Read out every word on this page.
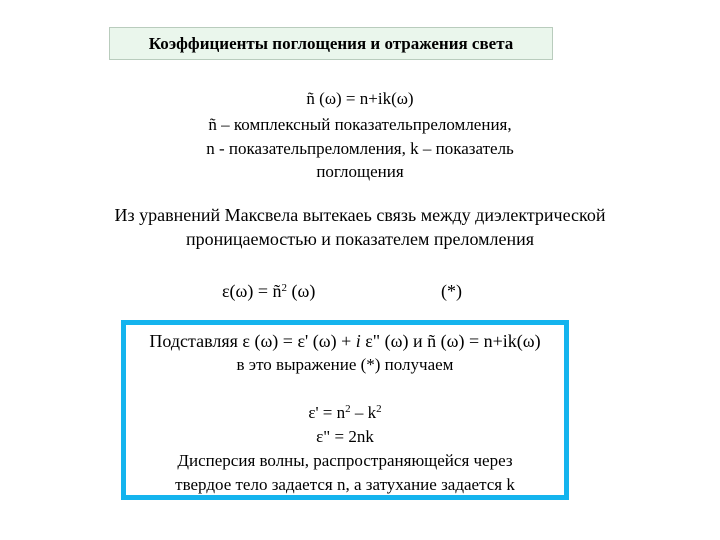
Коэффициенты поглощения и отражения света
ñ (ω) = n+ik(ω)
ñ – комплексный показательпреломления,
n - показательпреломления, k – показатель
поглощения
Из уравнений Максвела вытекаеь связь между диэлектрической
проницаемостью и показателем преломления
$\varepsilon(\omega) = ñ^2$ (ω)	(*)
Подставляя ε (ω) = ε' (ω) + i ε" (ω) и ñ (ω) = n+ik(ω)
в это выражение (*) получаем
$\varepsilon' = n^2 - k^2$
ε" = 2nk
Дисперсия волны, распространяющейся через
твердое тело задается n, а затухание задается k
